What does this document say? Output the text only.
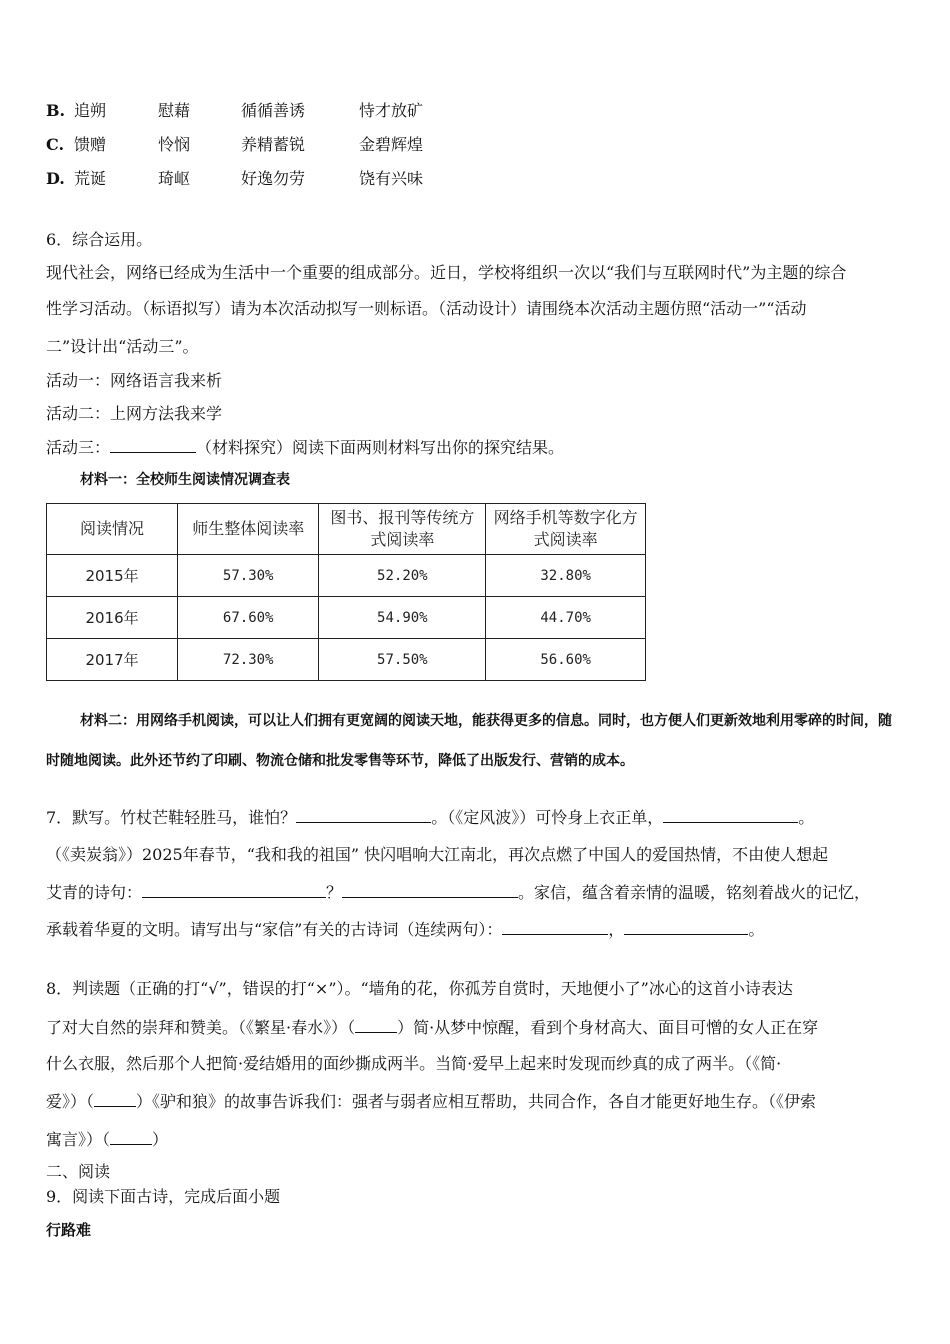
B. 追朔	慰藉	循循善诱	恃才放矿
C. 馈赠	怜悯	养精蓄锐	金碧辉煌
D. 荒诞	琦岖	好逸勿劳	饶有兴味
6．综合运用。
现代社会，网络已经成为生活中一个重要的组成部分。近日，学校将组织一次以“我们与互联网时代”为主题的综合
性学习活动。（标语拟写）请为本次活动拟写一则标语。（活动设计）请围绕本次活动主题仿照“活动一”“活动
二”设计出“活动三”。
活动一：网络语言我来析
活动二：上网方法我来学
活动三：	（材料探究）阅读下面两则材料写出你的探究结果。
材料一：全校师生阅读情况调查表
阅读情况	师生整体阅读率	图书、报刊等传统方式阅读率	网络手机等数字化方式阅读率
2015年	57.30%	52.20%	32.80%
2016年	67.60%	54.90%	44.70%
2017年	72.30%	57.50%	56.60%
材料二：用网络手机阅读，可以让人们拥有更宽阔的阅读天地，能获得更多的信息。同时，也方便人们更新效地利用零碎的时间，随时随地阅读。此外还节约了印刷、物流仓储和批发零售等环节，降低了出版发行、营销的成本。
7．默写。竹杖芒鞋轻胜马，谁怕？	。（《定风波》）可怜身上衣正单，	。
（《卖炭翁》）2025年春节，“我和我的祖国” 快闪唱响大江南北，再次点燃了中国人的爱国热情，不由使人想起
艾青的诗句：	？	。家信，蕴含着亲情的温暖，铭刻着战火的记忆，
承载着华夏的文明。请写出与“家信”有关的古诗词（连续两句）：	，	。
8．判读题（正确的打“√”，错误的打“×”）。“墙角的花，你孤芳自赏时，天地便小了”冰心的这首小诗表达
了对大自然的崇拜和赞美。（《繁星·春水》）（	）简·从梦中惊醒，看到个身材高大、面目可憎的女人正在穿
什么衣服，然后那个人把简·爱结婚用的面纱撕成两半。当简·爱早上起来时发现而纱真的成了两半。（《简·
爱》）（	）《驴和狼》的故事告诉我们：强者与弱者应相互帮助，共同合作，各自才能更好地生存。（《伊索
寓言》）（	）
二、阅读
9．阅读下面古诗，完成后面小题
行路难
